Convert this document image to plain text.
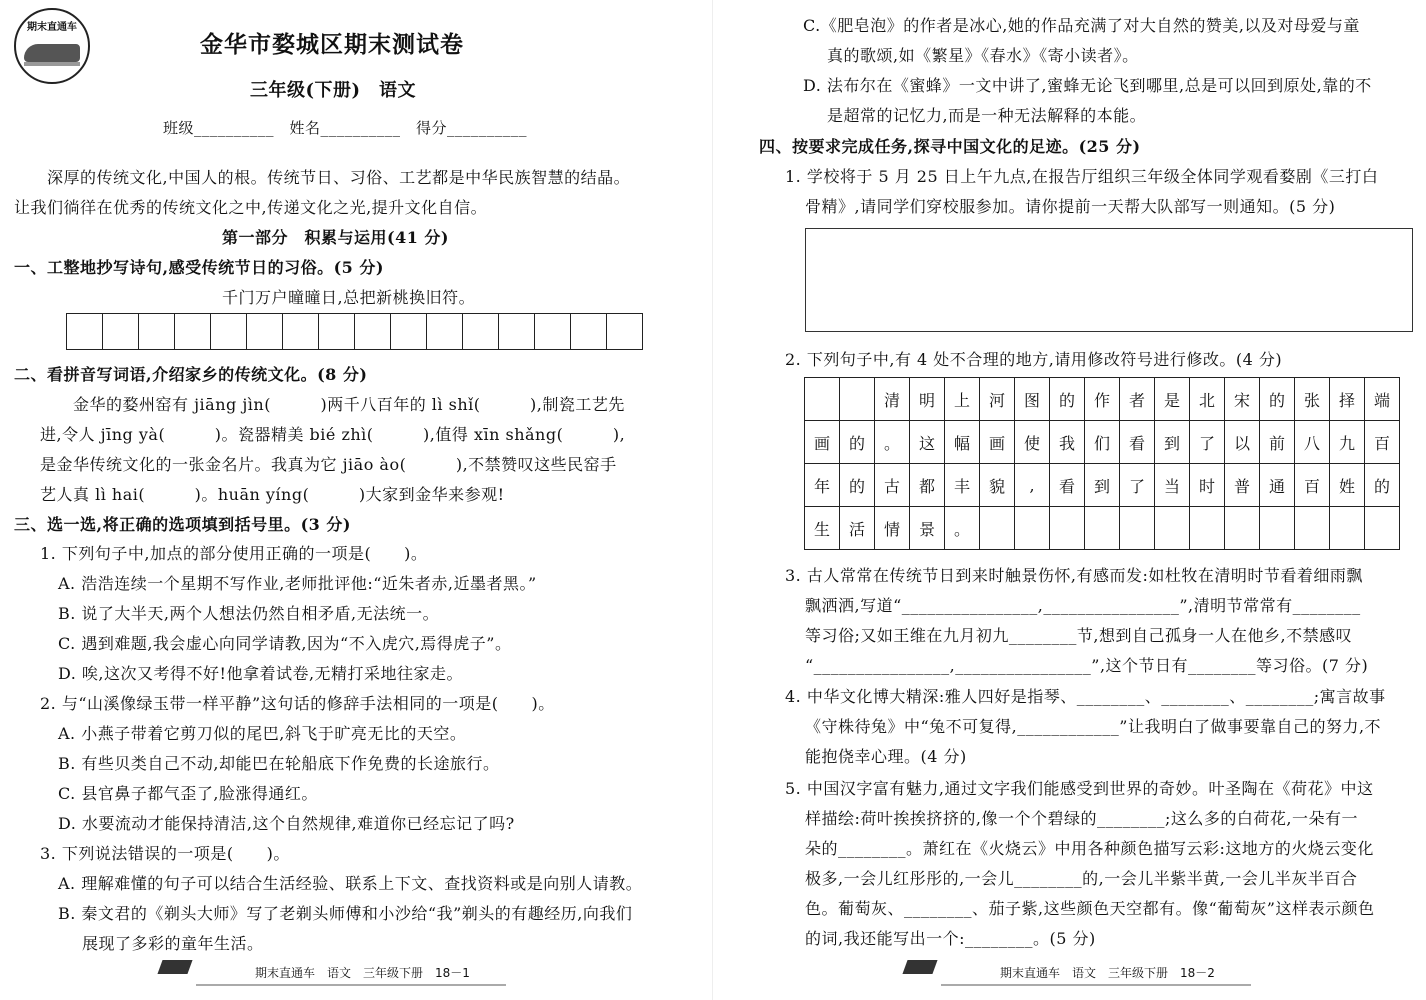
期末直通车
金华市婺城区期末测试卷
三年级(下册)　语文
班级__________　姓名__________　得分__________
　　深厚的传统文化,中国人的根。传统节日、习俗、工艺都是中华民族智慧的结晶。
让我们徜徉在优秀的传统文化之中,传递文化之光,提升文化自信。
第一部分　积累与运用(41 分)
一、工整地抄写诗句,感受传统节日的习俗。(5 分)
千门万户曈曈日,总把新桃换旧符。

二、看拼音写词语,介绍家乡的传统文化。(8 分)
　　金华的婺州窑有 jiāng jìn(　　　)两千八百年的 lì shǐ(　　　),制瓷工艺先
进,令人 jīng yà(　　　)。瓷器精美 bié zhì(　　　),值得 xīn shǎng(　　　),
是金华传统文化的一张金名片。我真为它 jiāo ào(　　　),不禁赞叹这些民窑手
艺人真 lì hai(　　　)。huān yíng(　　　)大家到金华来参观!
三、选一选,将正确的选项填到括号里。(3 分)
1. 下列句子中,加点的部分使用正确的一项是(　　)。
A. 浩浩连续一个星期不写作业,老师批评他:“近朱者赤,近墨者黑。”
B. 说了大半天,两个人想法仍然自相矛盾,无法统一。
C. 遇到难题,我会虚心向同学请教,因为“不入虎穴,焉得虎子”。
D. 唉,这次又考得不好!他拿着试卷,无精打采地往家走。
2. 与“山溪像绿玉带一样平静”这句话的修辞手法相同的一项是(　　)。
A. 小燕子带着它剪刀似的尾巴,斜飞于旷亮无比的天空。
B. 有些贝类自己不动,却能巴在轮船底下作免费的长途旅行。
C. 县官鼻子都气歪了,脸涨得通红。
D. 水要流动才能保持清洁,这个自然规律,难道你已经忘记了吗?
3. 下列说法错误的一项是(　　)。
A. 理解难懂的句子可以结合生活经验、联系上下文、查找资料或是向别人请教。
B. 秦文君的《剃头大师》写了老剃头师傅和小沙给“我”剃头的有趣经历,向我们
展现了多彩的童年生活。
期末直通车　语文　三年级下册　18－1
C.《肥皂泡》的作者是冰心,她的作品充满了对大自然的赞美,以及对母爱与童
真的歌颂,如《繁星》《春水》《寄小读者》。
D. 法布尔在《蜜蜂》一文中讲了,蜜蜂无论飞到哪里,总是可以回到原处,靠的不
是超常的记忆力,而是一种无法解释的本能。
四、按要求完成任务,探寻中国文化的足迹。(25 分)
1. 学校将于 5 月 25 日上午九点,在报告厅组织三年级全体同学观看婺剧《三打白
骨精》,请同学们穿校服参加。请你提前一天帮大队部写一则通知。(5 分)
2. 下列句子中,有 4 处不合理的地方,请用修改符号进行修改。(4 分)
		清	明	上	河	图	的	作	者	是	北	宋	的	张	择	端
画	的	。	这	幅	画	使	我	们	看	到	了	以	前	八	九	百
年	的	古	都	丰	貌	,	看	到	了	当	时	普	通	百	姓	的
生	活	情	景	。												
3. 古人常常在传统节日到来时触景伤怀,有感而发:如杜牧在清明时节看着细雨飘
飘洒洒,写道“________________,________________”,清明节常常有________
等习俗;又如王维在九月初九________节,想到自己孤身一人在他乡,不禁感叹
“________________,________________”,这个节日有________等习俗。(7 分)
4. 中华文化博大精深:雅人四好是指琴、________、________、________;寓言故事
《守株待兔》中“兔不可复得,____________”让我明白了做事要靠自己的努力,不
能抱侥幸心理。(4 分)
5. 中国汉字富有魅力,通过文字我们能感受到世界的奇妙。叶圣陶在《荷花》中这
样描绘:荷叶挨挨挤挤的,像一个个碧绿的________;这么多的白荷花,一朵有一
朵的________。萧红在《火烧云》中用各种颜色描写云彩:这地方的火烧云变化
极多,一会儿红彤彤的,一会儿________的,一会儿半紫半黄,一会儿半灰半百合
色。葡萄灰、________、茄子紫,这些颜色天空都有。像“葡萄灰”这样表示颜色
的词,我还能写出一个:________。(5 分)
期末直通车　语文　三年级下册　18－2
